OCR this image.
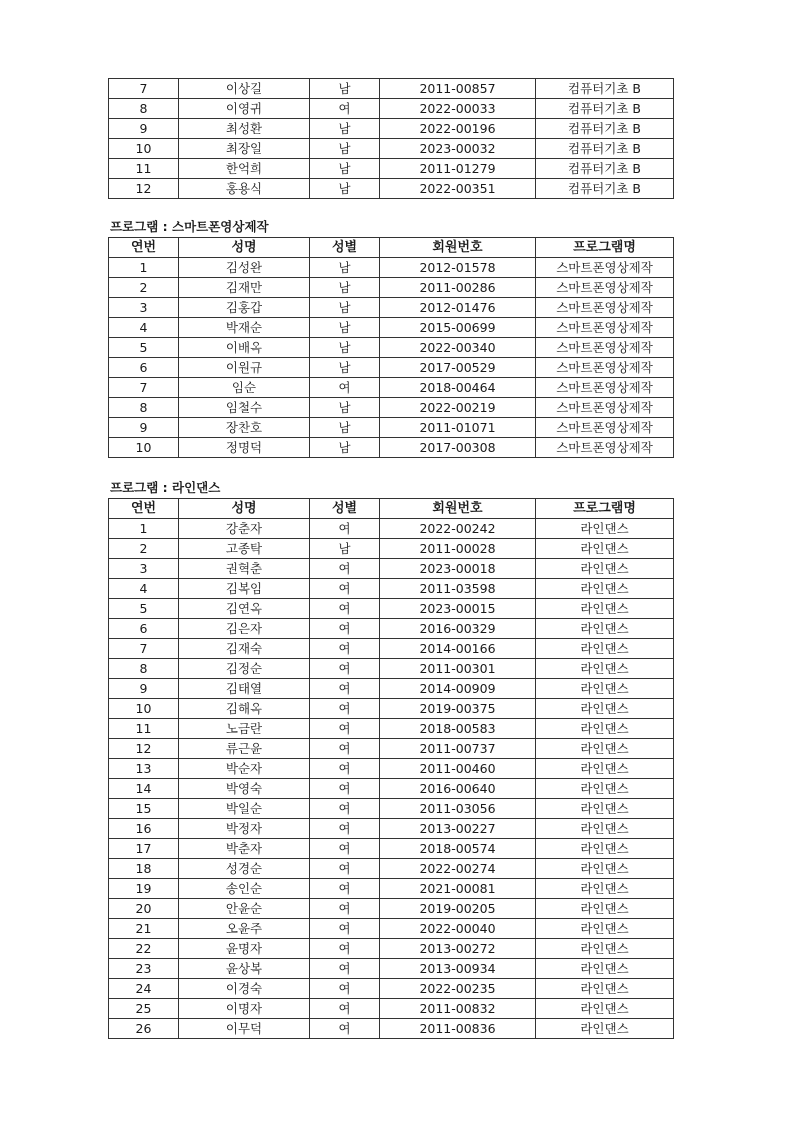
7	이상길	남	2011-00857	컴퓨터기초 B
8	이영귀	여	2022-00033	컴퓨터기초 B
9	최성환	남	2022-00196	컴퓨터기초 B
10	최장일	남	2023-00032	컴퓨터기초 B
11	한억희	남	2011-01279	컴퓨터기초 B
12	홍용식	남	2022-00351	컴퓨터기초 B
프로그램 : 스마트폰영상제작
연번	성명	성별	회원번호	프로그램명
1	김성완	남	2012-01578	스마트폰영상제작
2	김재만	남	2011-00286	스마트폰영상제작
3	김홍갑	남	2012-01476	스마트폰영상제작
4	박재순	남	2015-00699	스마트폰영상제작
5	이배옥	남	2022-00340	스마트폰영상제작
6	이원규	남	2017-00529	스마트폰영상제작
7	임순	여	2018-00464	스마트폰영상제작
8	임철수	남	2022-00219	스마트폰영상제작
9	장찬호	남	2011-01071	스마트폰영상제작
10	정명덕	남	2017-00308	스마트폰영상제작
프로그램 : 라인댄스
연번	성명	성별	회원번호	프로그램명
1	강춘자	여	2022-00242	라인댄스
2	고종탁	남	2011-00028	라인댄스
3	권혁춘	여	2023-00018	라인댄스
4	김복임	여	2011-03598	라인댄스
5	김연옥	여	2023-00015	라인댄스
6	김은자	여	2016-00329	라인댄스
7	김재숙	여	2014-00166	라인댄스
8	김정순	여	2011-00301	라인댄스
9	김태열	여	2014-00909	라인댄스
10	김해옥	여	2019-00375	라인댄스
11	노금란	여	2018-00583	라인댄스
12	류근윤	여	2011-00737	라인댄스
13	박순자	여	2011-00460	라인댄스
14	박영숙	여	2016-00640	라인댄스
15	박일순	여	2011-03056	라인댄스
16	박정자	여	2013-00227	라인댄스
17	박춘자	여	2018-00574	라인댄스
18	성경순	여	2022-00274	라인댄스
19	송인순	여	2021-00081	라인댄스
20	안윤순	여	2019-00205	라인댄스
21	오윤주	여	2022-00040	라인댄스
22	윤명자	여	2013-00272	라인댄스
23	윤상복	여	2013-00934	라인댄스
24	이경숙	여	2022-00235	라인댄스
25	이명자	여	2011-00832	라인댄스
26	이무덕	여	2011-00836	라인댄스
